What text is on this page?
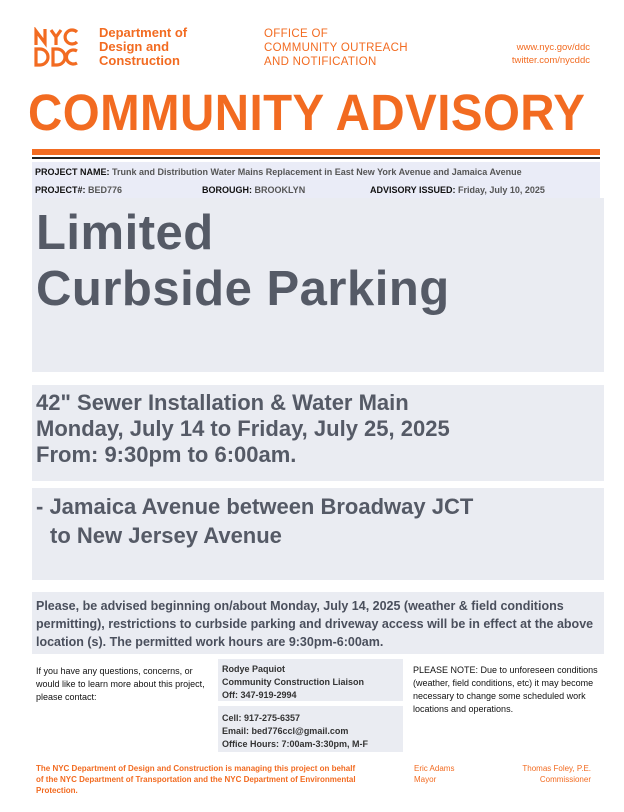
Department of
Design and
Construction
OFFICE OF
COMMUNITY OUTREACH
AND NOTIFICATION
www.nyc.gov/ddc
twitter.com/nycddc
COMMUNITY ADVISORY
PROJECT NAME: Trunk and Distribution Water Mains Replacement in East New York Avenue and Jamaica Avenue
PROJECT#: BED776	BOROUGH: BROOKLYN	ADVISORY ISSUED: Friday, July 10, 2025
Limited
Curbside Parking
42" Sewer Installation & Water Main
Monday, July 14 to Friday, July 25, 2025
From: 9:30pm to 6:00am.
- Jamaica Avenue between Broadway JCT
to New Jersey Avenue
Please, be advised beginning on/about Monday, July 14, 2025 (weather & field conditions permitting), restrictions to curbside parking and driveway access will be in effect at the above location (s). The permitted work hours are 9:30pm-6:00am.
If you have any questions, concerns, or would like to learn more about this project, please contact:
Rodye Paquiot
Community Construction Liaison
Off: 347-919-2994
Cell: 917-275-6357
Email: bed776ccl@gmail.com
Office Hours: 7:00am-3:30pm, M-F
PLEASE NOTE: Due to unforeseen conditions (weather, field conditions, etc) it may become necessary to change some scheduled work locations and operations.
The NYC Department of Design and Construction is managing this project on behalf of the NYC Department of Transportation and the NYC Department of Environmental Protection.
Eric Adams
Mayor
Thomas Foley, P.E.
Commissioner
